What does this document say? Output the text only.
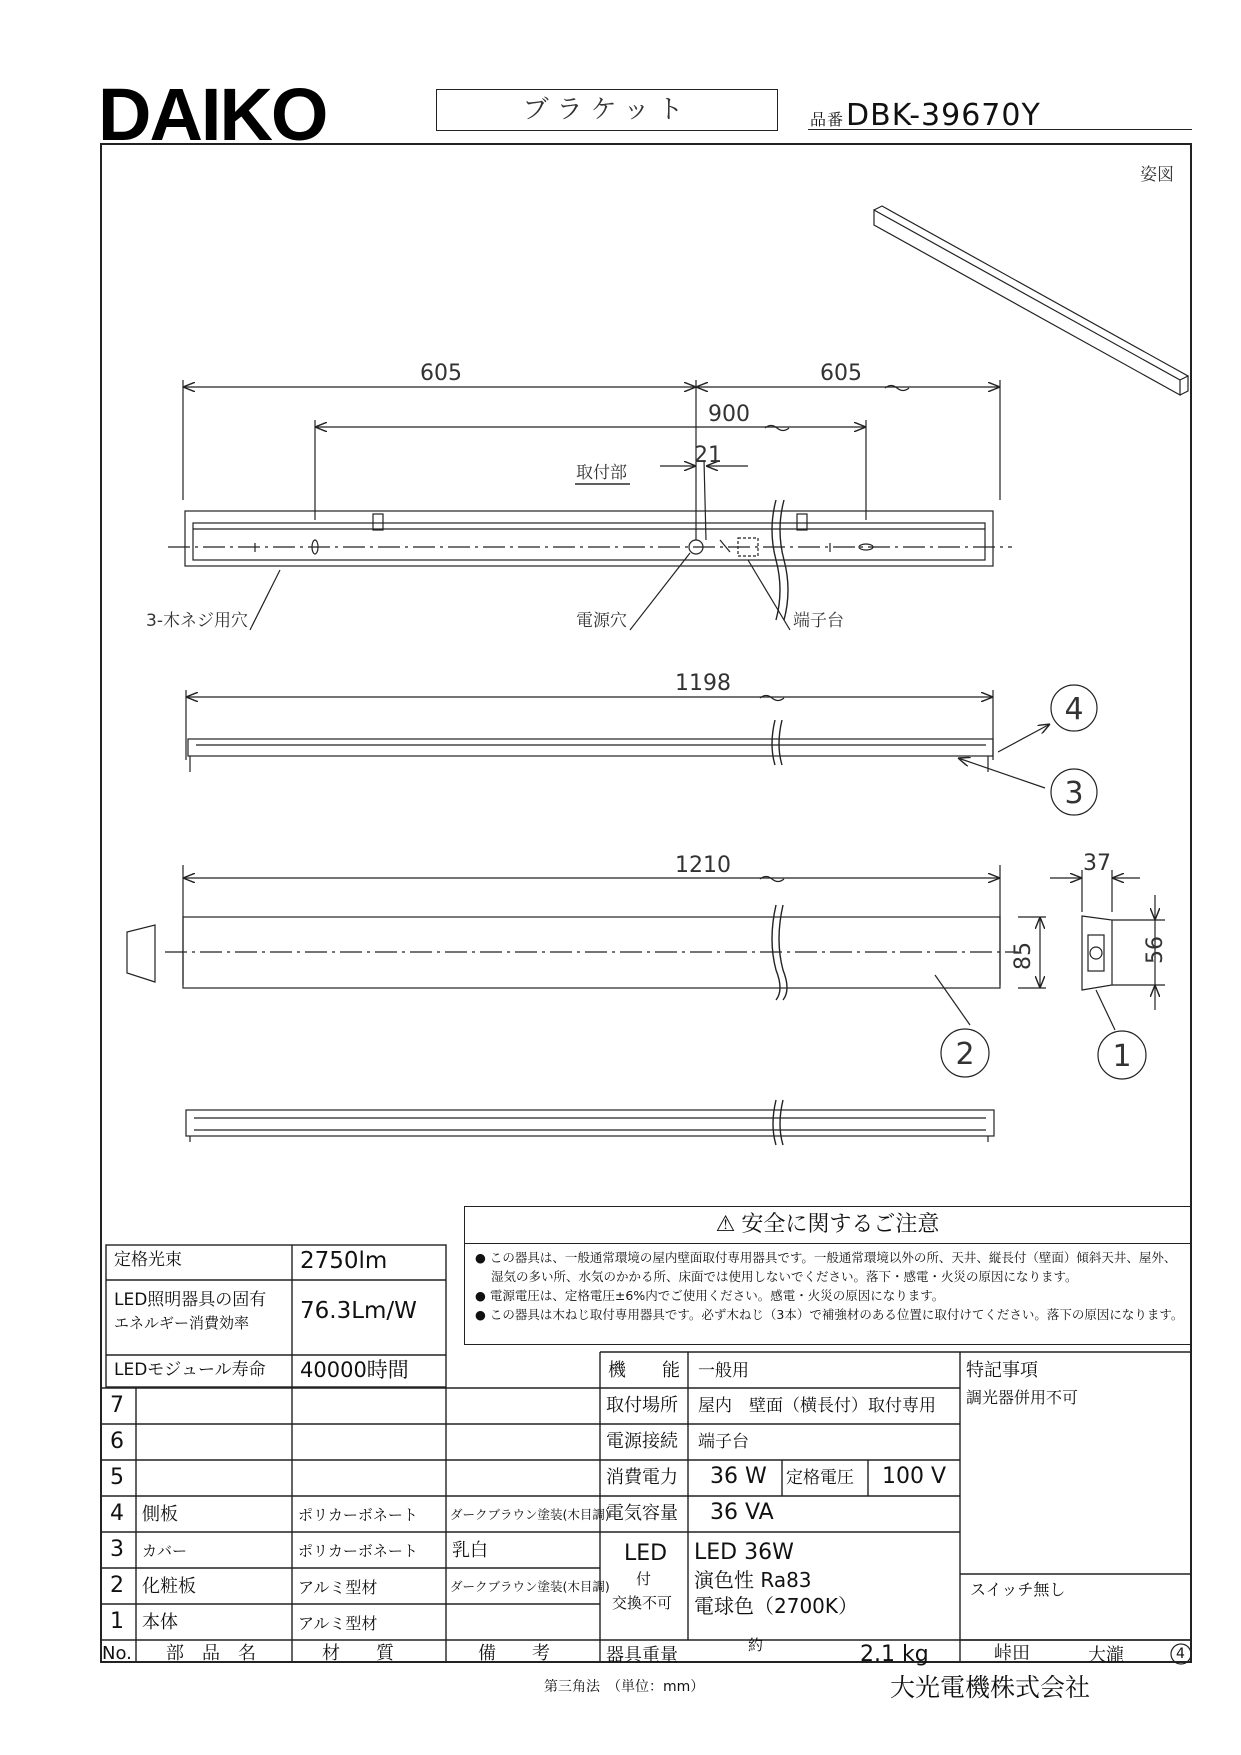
DAIKO	ブラケット	品番DBK-39670Y
姿図
605	605
900
21
1198
1210	37
85	56
取付部
3-木ネジ用穴	電源穴	端子台
1
2
3
4
⚠ 安全に関するご注意
● この器具は、一般通常環境の屋内壁面取付専用器具です。一般通常環境以外の所、天井、縦長付（壁面）傾斜天井、屋外、
湿気の多い所、水気のかかる所、床面では使用しないでください。落下・感電・火災の原因になります。
● 電源電圧は、定格電圧±6%内でご使用ください。感電・火災の原因になります。
● この器具は木ねじ取付専用器具です。必ず木ねじ（3本）で補強材のある位置に取付けてください。落下の原因になります。
定格光束	2750lm
LED照明器具の固有
エネルギー消費効率 76.3Lm/W
LEDモジュール寿命 40000時間
7
6
5
4 側板	ポリカーボネート	ダークブラウン塗装(木目調)
3 カバー	ポリカーボネート 乳白
2 化粧板	アルミ型材	ダークブラウン塗装(木目調)
1 本体	アルミ型材
No. 部　品　名	材　　質	備　　考
機　　能 一般用
取付場所 屋内　壁面（横長付）取付専用
電源接続 端子台
消費電力 36 W 定格電圧 100 V
電気容量 36 VA
LED
付
交換不可
LED 36W
演色性 Ra83
電球色（2700K）
器具重量	約	2.1 kg
特記事項
調光器併用不可
スイッチ無し
峠田	大瀧	4
第三角法　（単位：mm）	大光電機株式会社
